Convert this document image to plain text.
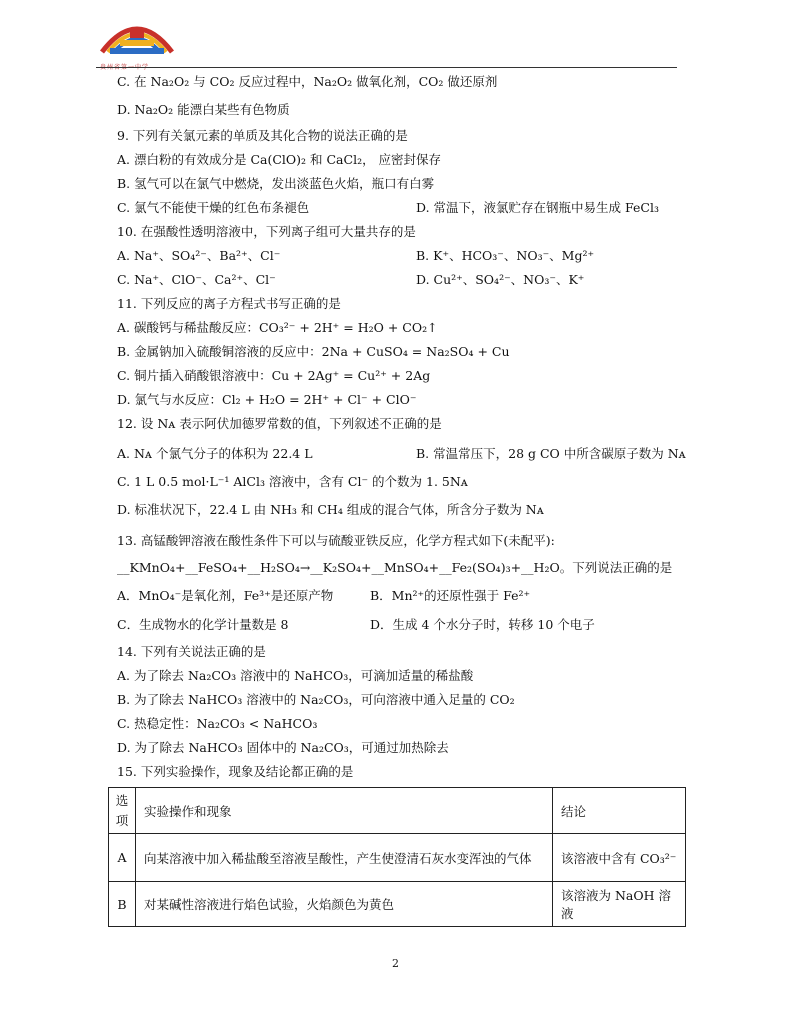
贵州省第一中学
C. 在 Na₂O₂ 与 CO₂ 反应过程中，Na₂O₂ 做氧化剂，CO₂ 做还原剂
D. Na₂O₂ 能漂白某些有色物质
9. 下列有关氯元素的单质及其化合物的说法正确的是
A. 漂白粉的有效成分是 Ca(ClO)₂ 和 CaCl₂， 应密封保存
B. 氢气可以在氯气中燃烧，发出淡蓝色火焰，瓶口有白雾
C. 氯气不能使干燥的红色布条褪色	D. 常温下，液氯贮存在钢瓶中易生成 FeCl₃
10. 在强酸性透明溶液中，下列离子组可大量共存的是
A. Na⁺、SO₄²⁻、Ba²⁺、Cl⁻	B. K⁺、HCO₃⁻、NO₃⁻、Mg²⁺
C. Na⁺、ClO⁻、Ca²⁺、Cl⁻	D. Cu²⁺、SO₄²⁻、NO₃⁻、K⁺
11. 下列反应的离子方程式书写正确的是
A. 碳酸钙与稀盐酸反应：CO₃²⁻ + 2H⁺ = H₂O + CO₂↑
B. 金属钠加入硫酸铜溶液的反应中：2Na + CuSO₄ = Na₂SO₄ + Cu
C. 铜片插入硝酸银溶液中：Cu + 2Ag⁺ = Cu²⁺ + 2Ag
D. 氯气与水反应：Cl₂ + H₂O = 2H⁺ + Cl⁻ + ClO⁻
12. 设 Nᴀ 表示阿伏加德罗常数的值，下列叙述不正确的是
A. Nᴀ 个氯气分子的体积为 22.4 L	B. 常温常压下，28 g CO 中所含碳原子数为 Nᴀ
C. 1 L 0.5 mol·L⁻¹ AlCl₃ 溶液中，含有 Cl⁻ 的个数为 1. 5Nᴀ
D. 标准状况下，22.4 L 由 NH₃ 和 CH₄ 组成的混合气体，所含分子数为 Nᴀ
13. 高锰酸钾溶液在酸性条件下可以与硫酸亚铁反应，化学方程式如下(未配平):
__KMnO₄+__FeSO₄+__H₂SO₄→__K₂SO₄+__MnSO₄+__Fe₂(SO₄)₃+__H₂O。下列说法正确的是
A．MnO₄⁻是氧化剂，Fe³⁺是还原产物	B．Mn²⁺的还原性强于 Fe²⁺
C．生成物水的化学计量数是 8	D．生成 4 个水分子时，转移 10 个电子
14. 下列有关说法正确的是
A. 为了除去 Na₂CO₃ 溶液中的 NaHCO₃，可滴加适量的稀盐酸
B. 为了除去 NaHCO₃ 溶液中的 Na₂CO₃，可向溶液中通入足量的 CO₂
C. 热稳定性：Na₂CO₃ < NaHCO₃
D. 为了除去 NaHCO₃ 固体中的 Na₂CO₃，可通过加热除去
15. 下列实验操作，现象及结论都正确的是
选项	实验操作和现象	结论
A	向某溶液中加入稀盐酸至溶液呈酸性，产生使澄清石灰水变浑浊的气体	该溶液中含有 CO₃²⁻
B	对某碱性溶液进行焰色试验，火焰颜色为黄色	该溶液为 NaOH 溶液
2
